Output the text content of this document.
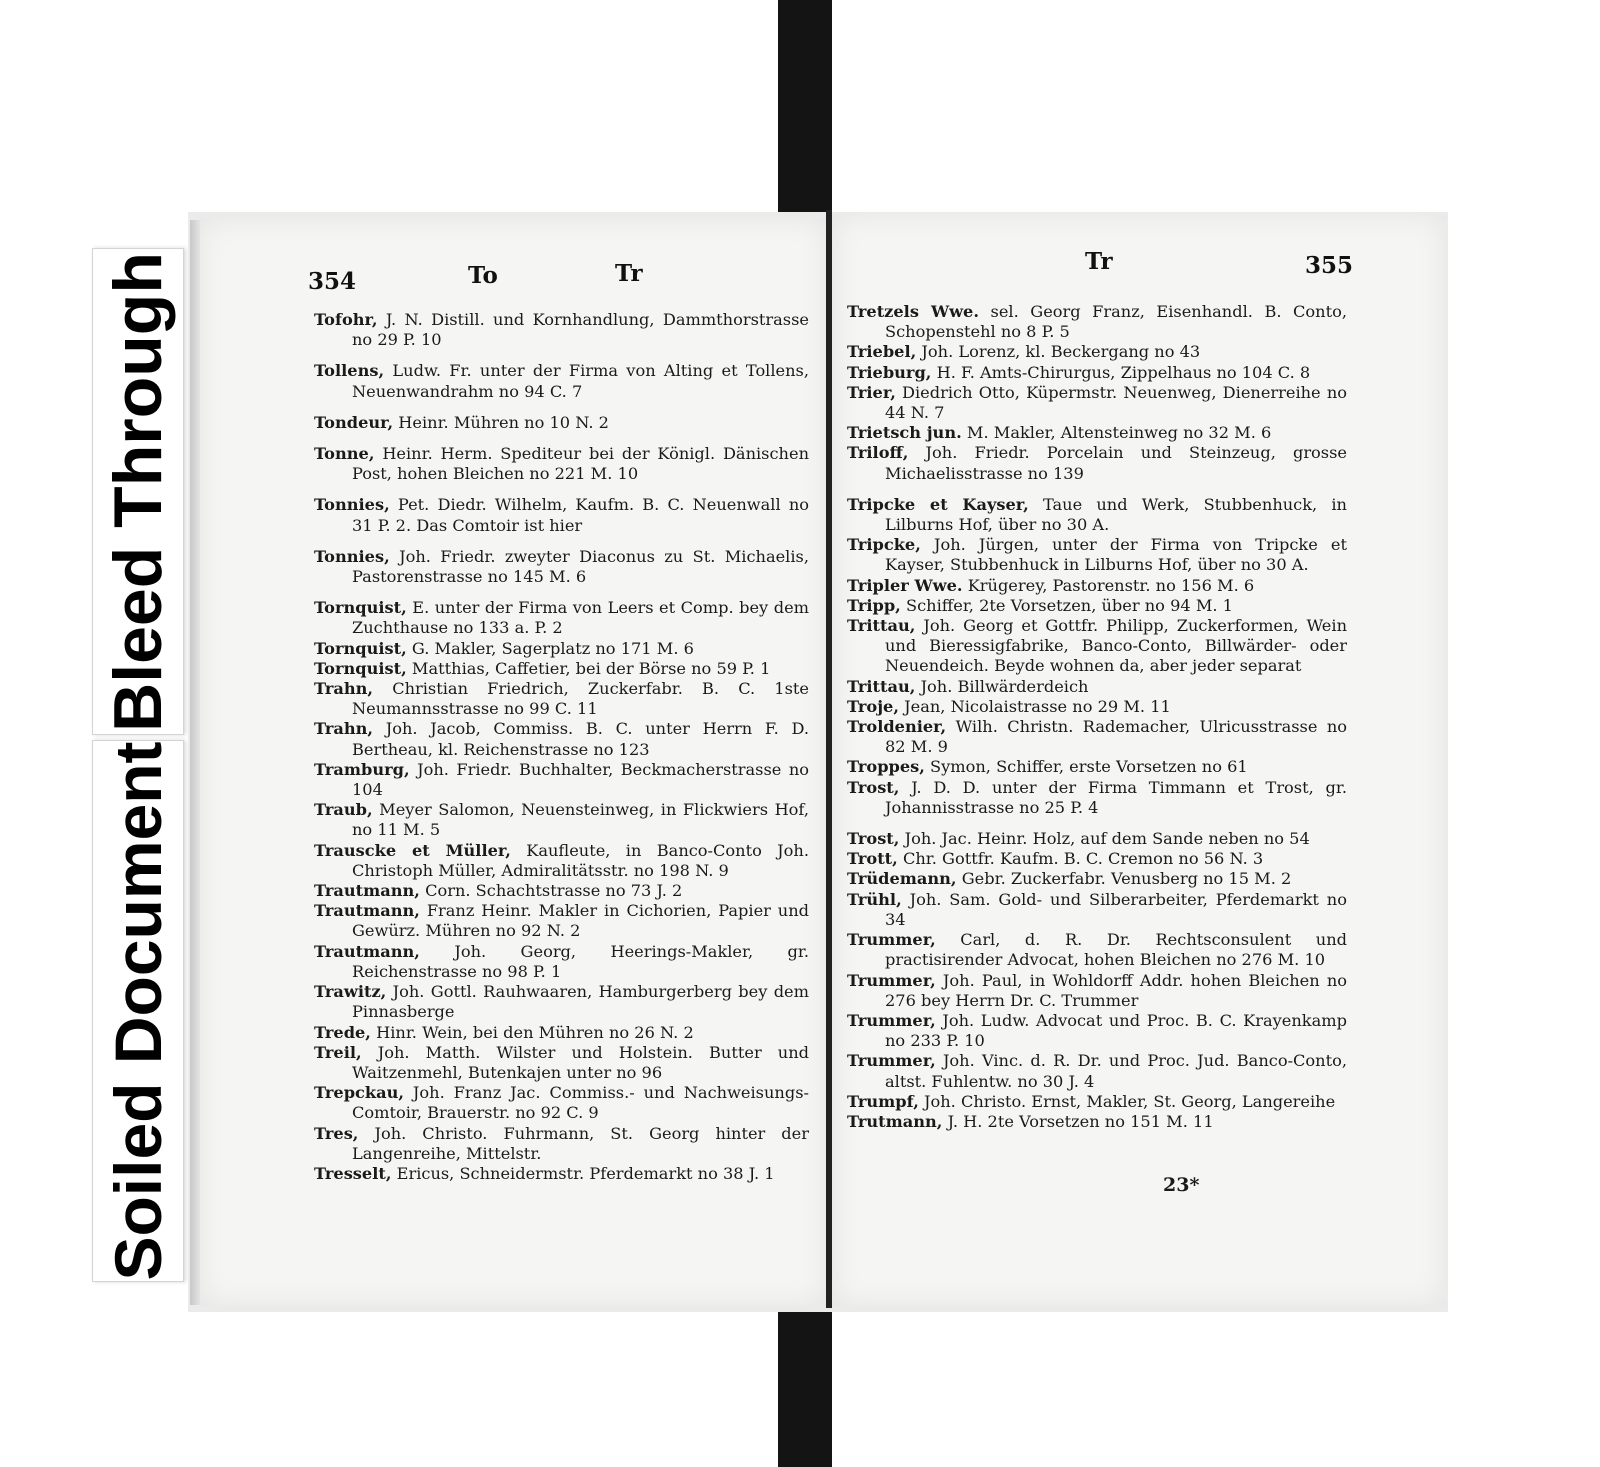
Bleed Through
Soiled Document
354	To	Tr
Tofohr, J. N. Distill. und Kornhandlung, Dammthorstrasse no 29 P. 10
Tollens, Ludw. Fr. unter der Firma von Alting et Tollens, Neuenwandrahm no 94 C. 7
Tondeur, Heinr. Mühren no 10 N. 2
Tonne, Heinr. Herm. Spediteur bei der Königl. Dänischen Post, hohen Bleichen no 221 M. 10
Tonnies, Pet. Diedr. Wilhelm, Kaufm. B. C. Neuenwall no 31 P. 2. Das Comtoir ist hier
Tonnies, Joh. Friedr. zweyter Diaconus zu St. Michaelis, Pastorenstrasse no 145 M. 6
Tornquist, E. unter der Firma von Leers et Comp. bey dem Zuchthause no 133 a. P. 2
Tornquist, G. Makler, Sagerplatz no 171 M. 6
Tornquist, Matthias, Caffetier, bei der Börse no 59 P. 1
Trahn, Christian Friedrich, Zuckerfabr. B. C. 1ste Neumannsstrasse no 99 C. 11
Trahn, Joh. Jacob, Commiss. B. C. unter Herrn F. D. Bertheau, kl. Reichenstrasse no 123
Tramburg, Joh. Friedr. Buchhalter, Beckmacherstrasse no 104
Traub, Meyer Salomon, Neuensteinweg, in Flickwiers Hof, no 11 M. 5
Trauscke et Müller, Kaufleute, in Banco-Conto Joh. Christoph Müller, Admiralitätsstr. no 198 N. 9
Trautmann, Corn. Schachtstrasse no 73 J. 2
Trautmann, Franz Heinr. Makler in Cichorien, Papier und Gewürz. Mühren no 92 N. 2
Trautmann, Joh. Georg, Heerings-Makler, gr. Reichenstrasse no 98 P. 1
Trawitz, Joh. Gottl. Rauhwaaren, Hamburgerberg bey dem Pinnasberge
Trede, Hinr. Wein, bei den Mühren no 26 N. 2
Treil, Joh. Matth. Wilster und Holstein. Butter und Waitzenmehl, Butenkajen unter no 96
Trepckau, Joh. Franz Jac. Commiss.- und Nachweisungs-Comtoir, Brauerstr. no 92 C. 9
Tres, Joh. Christo. Fuhrmann, St. Georg hinter der Langenreihe, Mittelstr.
Tresselt, Ericus, Schneidermstr. Pferdemarkt no 38 J. 1
Tr	355
Tretzels Wwe. sel. Georg Franz, Eisenhandl. B. Conto, Schopenstehl no 8 P. 5
Triebel, Joh. Lorenz, kl. Beckergang no 43
Trieburg, H. F. Amts-Chirurgus, Zippelhaus no 104 C. 8
Trier, Diedrich Otto, Küpermstr. Neuenweg, Dienerreihe no 44 N. 7
Trietsch jun. M. Makler, Altensteinweg no 32 M. 6
Triloff, Joh. Friedr. Porcelain und Steinzeug, grosse Michaelisstrasse no 139
Tripcke et Kayser, Taue und Werk, Stubbenhuck, in Lilburns Hof, über no 30 A.
Tripcke, Joh. Jürgen, unter der Firma von Tripcke et Kayser, Stubbenhuck in Lilburns Hof, über no 30 A.
Tripler Wwe. Krügerey, Pastorenstr. no 156 M. 6
Tripp, Schiffer, 2te Vorsetzen, über no 94 M. 1
Trittau, Joh. Georg et Gottfr. Philipp, Zuckerformen, Wein und Bieressigfabrike, Banco-Conto, Billwärder- oder Neuendeich. Beyde wohnen da, aber jeder separat
Trittau, Joh. Billwärderdeich
Troje, Jean, Nicolaistrasse no 29 M. 11
Troldenier, Wilh. Christn. Rademacher, Ulricusstrasse no 82 M. 9
Troppes, Symon, Schiffer, erste Vorsetzen no 61
Trost, J. D. D. unter der Firma Timmann et Trost, gr. Johannisstrasse no 25 P. 4
Trost, Joh. Jac. Heinr. Holz, auf dem Sande neben no 54
Trott, Chr. Gottfr. Kaufm. B. C. Cremon no 56 N. 3
Trüdemann, Gebr. Zuckerfabr. Venusberg no 15 M. 2
Trühl, Joh. Sam. Gold- und Silberarbeiter, Pferdemarkt no 34
Trummer, Carl, d. R. Dr. Rechtsconsulent und practisirender Advocat, hohen Bleichen no 276 M. 10
Trummer, Joh. Paul, in Wohldorff Addr. hohen Bleichen no 276 bey Herrn Dr. C. Trummer
Trummer, Joh. Ludw. Advocat und Proc. B. C. Krayenkamp no 233 P. 10
Trummer, Joh. Vinc. d. R. Dr. und Proc. Jud. Banco-Conto, altst. Fuhlentw. no 30 J. 4
Trumpf, Joh. Christo. Ernst, Makler, St. Georg, Langereihe
Trutmann, J. H. 2te Vorsetzen no 151 M. 11
23*
